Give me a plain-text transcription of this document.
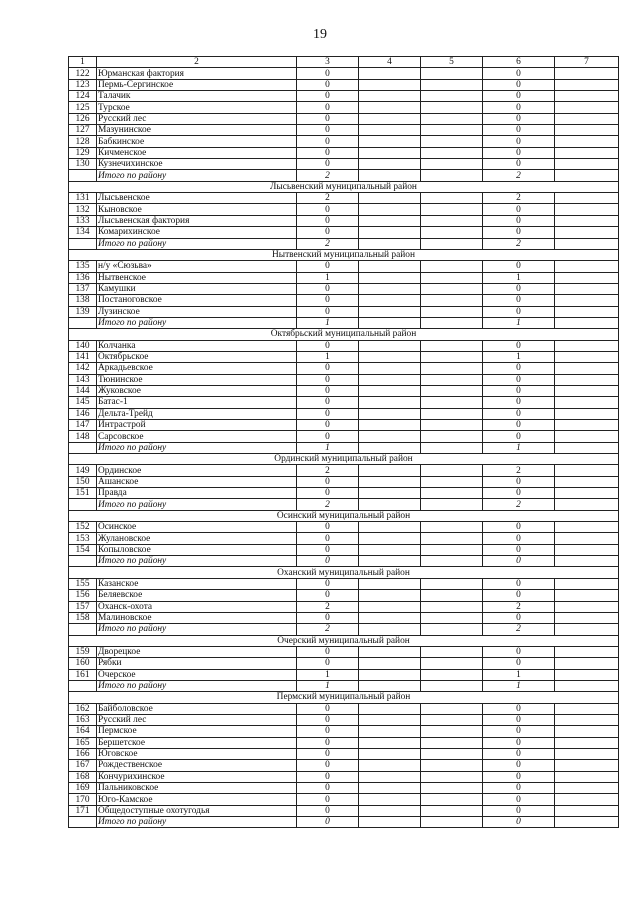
19
1	2	3	4	5	6	7
122	Юрманская фактория	0			0	
123	Пермь-Сергинское	0			0	
124	Талачик	0			0	
125	Турское	0			0	
126	Русский лес	0			0	
127	Мазунинское	0			0	
128	Бабкинское	0			0	
129	Кичменское	0			0	
130	Кузнечихинское	0			0	
	Итого по району	2			2	
Лысьвенский муниципальный район						
131	Лысьвенское	2			2	
132	Кыновское	0			0	
133	Лысьвенская фактория	0			0	
134	Комарихинское	0			0	
	Итого по району	2			2	
Нытвенский муниципальный район						
135	н/у «Сюзьва»	0			0	
136	Нытвенское	1			1	
137	Камушки	0			0	
138	Постаноговское	0			0	
139	Лузинское	0			0	
	Итого по району	1			1	
Октябрьский муниципальный район						
140	Колчанка	0			0	
141	Октябрьское	1			1	
142	Аркадьевское	0			0	
143	Тюнинское	0			0	
144	Жуковское	0			0	
145	Батас-1	0			0	
146	Дельта-Трейд	0			0	
147	Интрастрой	0			0	
148	Сарсовское	0			0	
	Итого по району	1			1	
Ординский муниципальный район						
149	Ординское	2			2	
150	Ашанское	0			0	
151	Правда	0			0	
	Итого по району	2			2	
Осинский муниципальный район						
152	Осинское	0			0	
153	Жулановское	0			0	
154	Копыловское	0			0	
	Итого по району	0			0	
Оханский муниципальный район						
155	Казанское	0			0	
156	Беляевское	0			0	
157	Оханск-охота	2			2	
158	Малиновское	0			0	
	Итого по району	2			2	
Очерский муниципальный район						
159	Дворецкое	0			0	
160	Рябки	0			0	
161	Очерское	1			1	
	Итого по району	1			1	
Пермский муниципальный район						
162	Байболовское	0			0	
163	Русский лес	0			0	
164	Пермское	0			0	
165	Бершетское	0			0	
166	Юговское	0			0	
167	Рождественское	0			0	
168	Кончурихинское	0			0	
169	Пальниковское	0			0	
170	Юго-Камское	0			0	
171	Общедоступные охотугодья	0			0	
	Итого по району	0			0	
